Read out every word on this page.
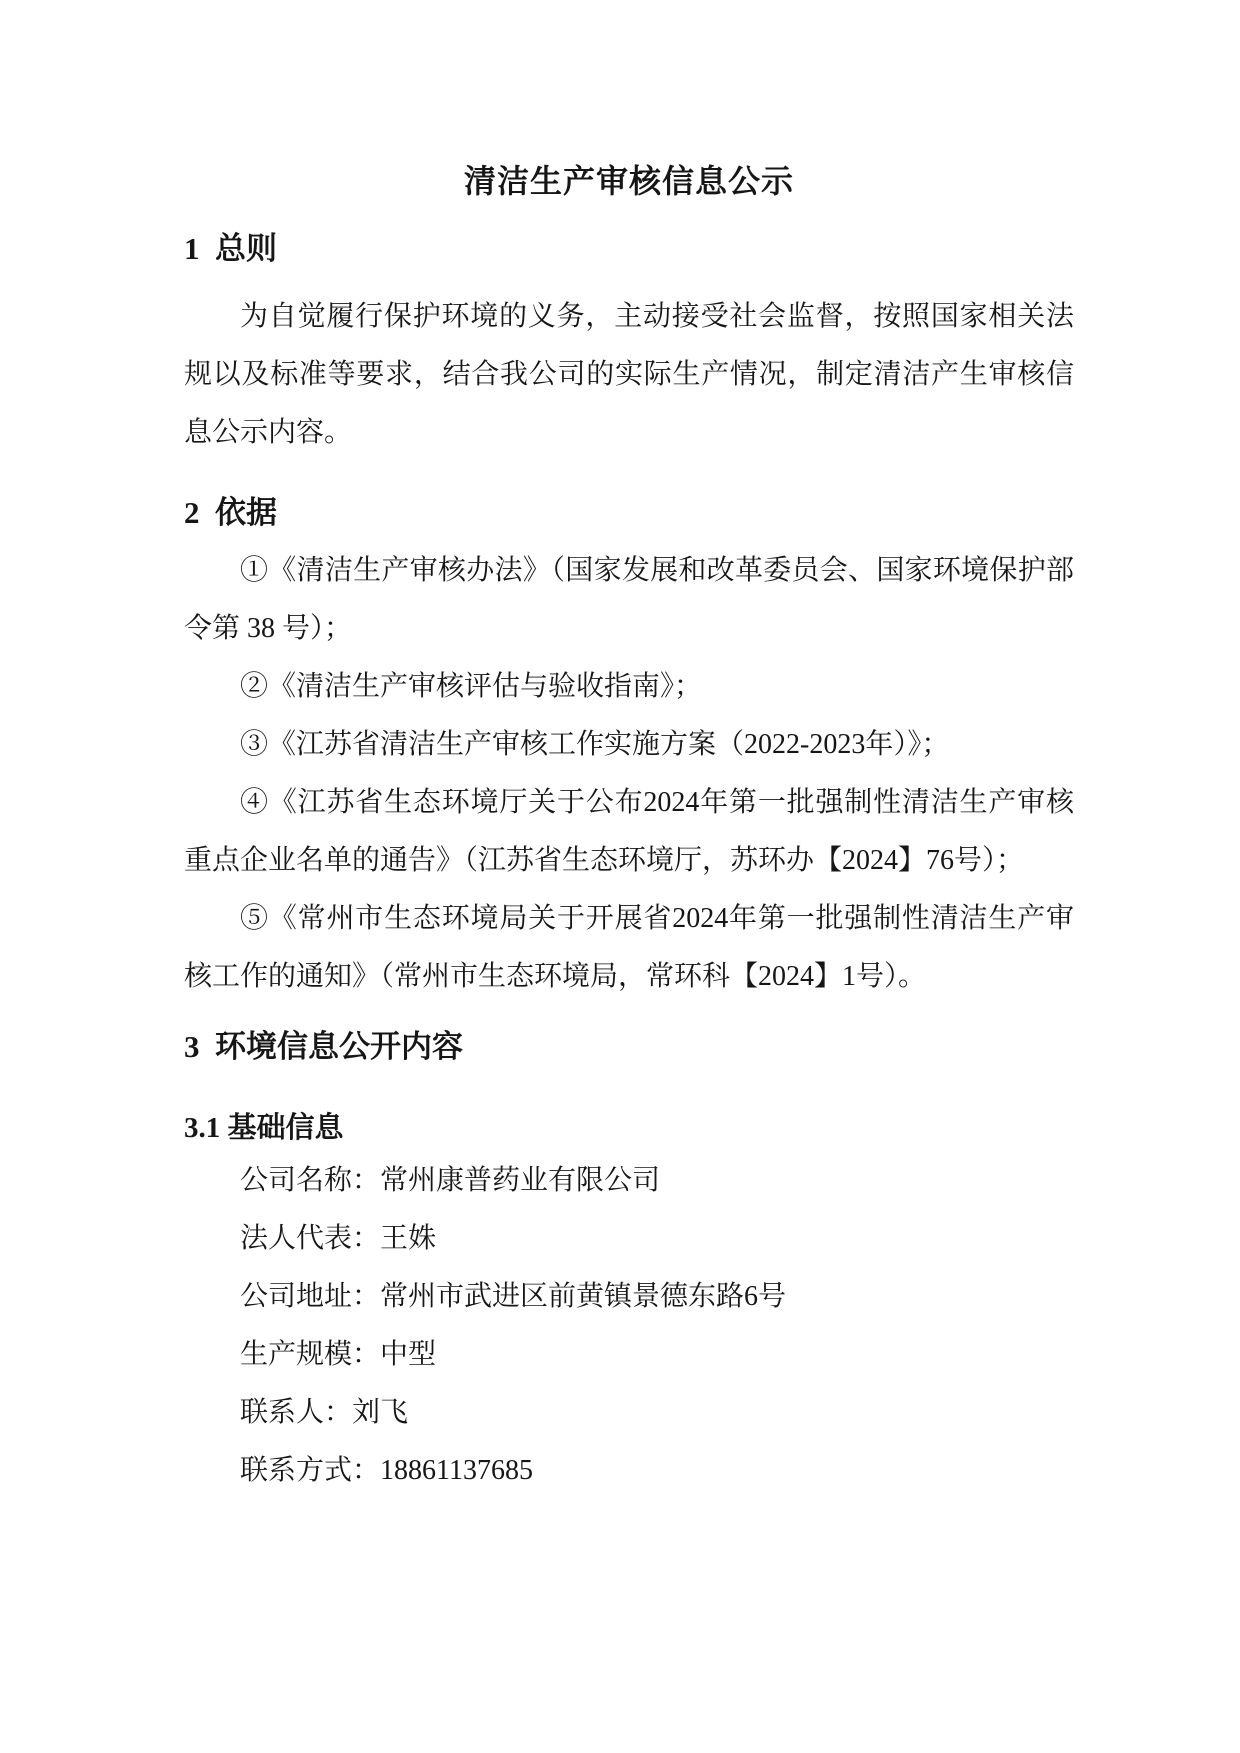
清洁生产审核信息公示
1  总则

为自觉履行保护环境的义务，主动接受社会监督，按照国家相关法规以及标准等要求，结合我公司的实际生产情况，制定清洁产生审核信息公示内容。

2  依据

①《清洁生产审核办法》（国家发展和改革委员会、国家环境保护部令第 38 号）；

②《清洁生产审核评估与验收指南》；

③《江苏省清洁生产审核工作实施方案（2022-2023年）》；

④《江苏省生态环境厅关于公布2024年第一批强制性清洁生产审核重点企业名单的通告》（江苏省生态环境厅，苏环办【2024】76号）；

⑤《常州市生态环境局关于开展省2024年第一批强制性清洁生产审核工作的通知》（常州市生态环境局，常环科【2024】1号）。

3  环境信息公开内容
3.1 基础信息

公司名称：常州康普药业有限公司

法人代表：王姝

公司地址：常州市武进区前黄镇景德东路6号

生产规模：中型

联系人：刘飞

联系方式：18861137685
